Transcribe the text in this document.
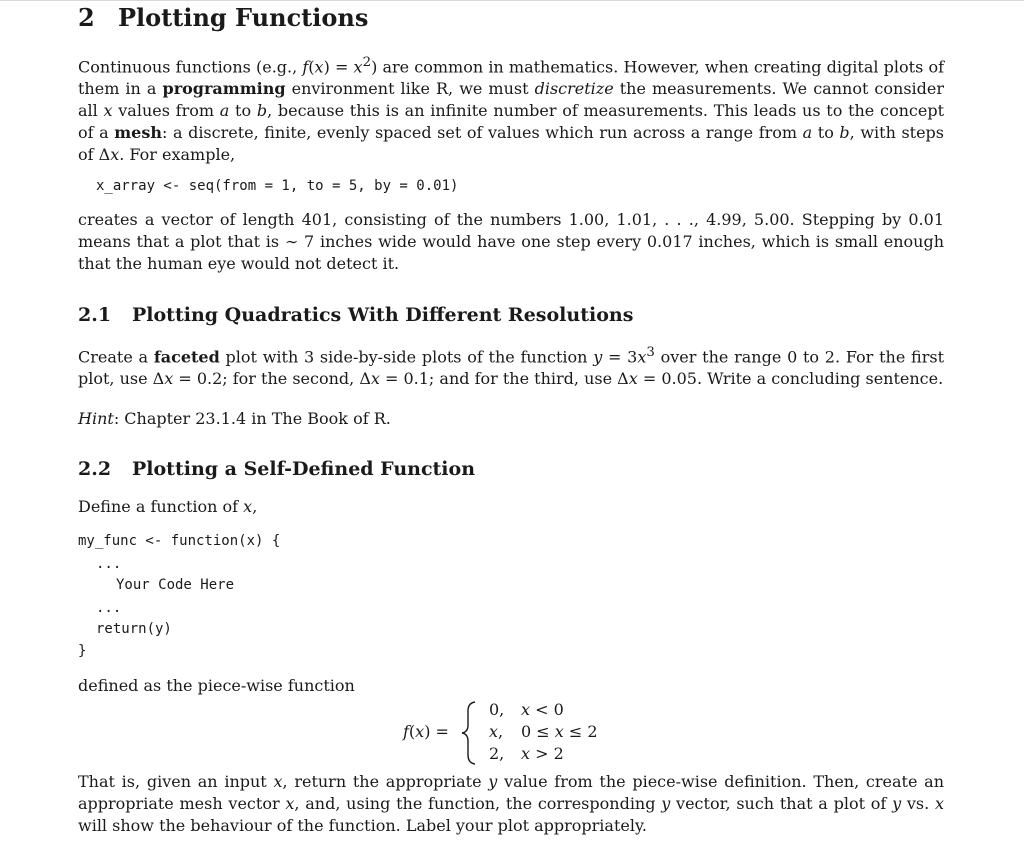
2 Plotting Functions

Continuous functions (e.g., $f(x) = x^2$) are common in mathematics. However, when creating digital plots of them in a programming environment like R, we must discretize the measurements. We cannot consider all x values from a to b, because this is an infinite number of measurements. This leads us to the concept of a mesh: a discrete, finite, evenly spaced set of values which run across a range from a to b, with steps of Δx. For example,

x_array <- seq(from = 1, to = 5, by = 0.01)

creates a vector of length 401, consisting of the numbers 1.00, 1.01, . . ., 4.99, 5.00. Stepping by 0.01 means that a plot that is ∼ 7 inches wide would have one step every 0.017 inches, which is small enough that the human eye would not detect it.

2.1 Plotting Quadratics With Different Resolutions

Create a faceted plot with 3 side-by-side plots of the function $y = 3x^3$ over the range 0 to 2. For the first plot, use Δx = 0.2; for the second, Δx = 0.1; and for the third, use Δx = 0.05. Write a concluding sentence.

Hint: Chapter 23.1.4 in The Book of R.

2.2 Plotting a Self-Defined Function

Define a function of x,

my_func <- function(x) {
...
Your Code Here
...
return(y)
}

defined as the piece-wise function

f(x) =
0, x < 0
x, 0 ≤ x ≤ 2
2, x > 2

That is, given an input x, return the appropriate y value from the piece-wise definition. Then, create an appropriate mesh vector x, and, using the function, the corresponding y vector, such that a plot of y vs. x will show the behaviour of the function. Label your plot appropriately.
